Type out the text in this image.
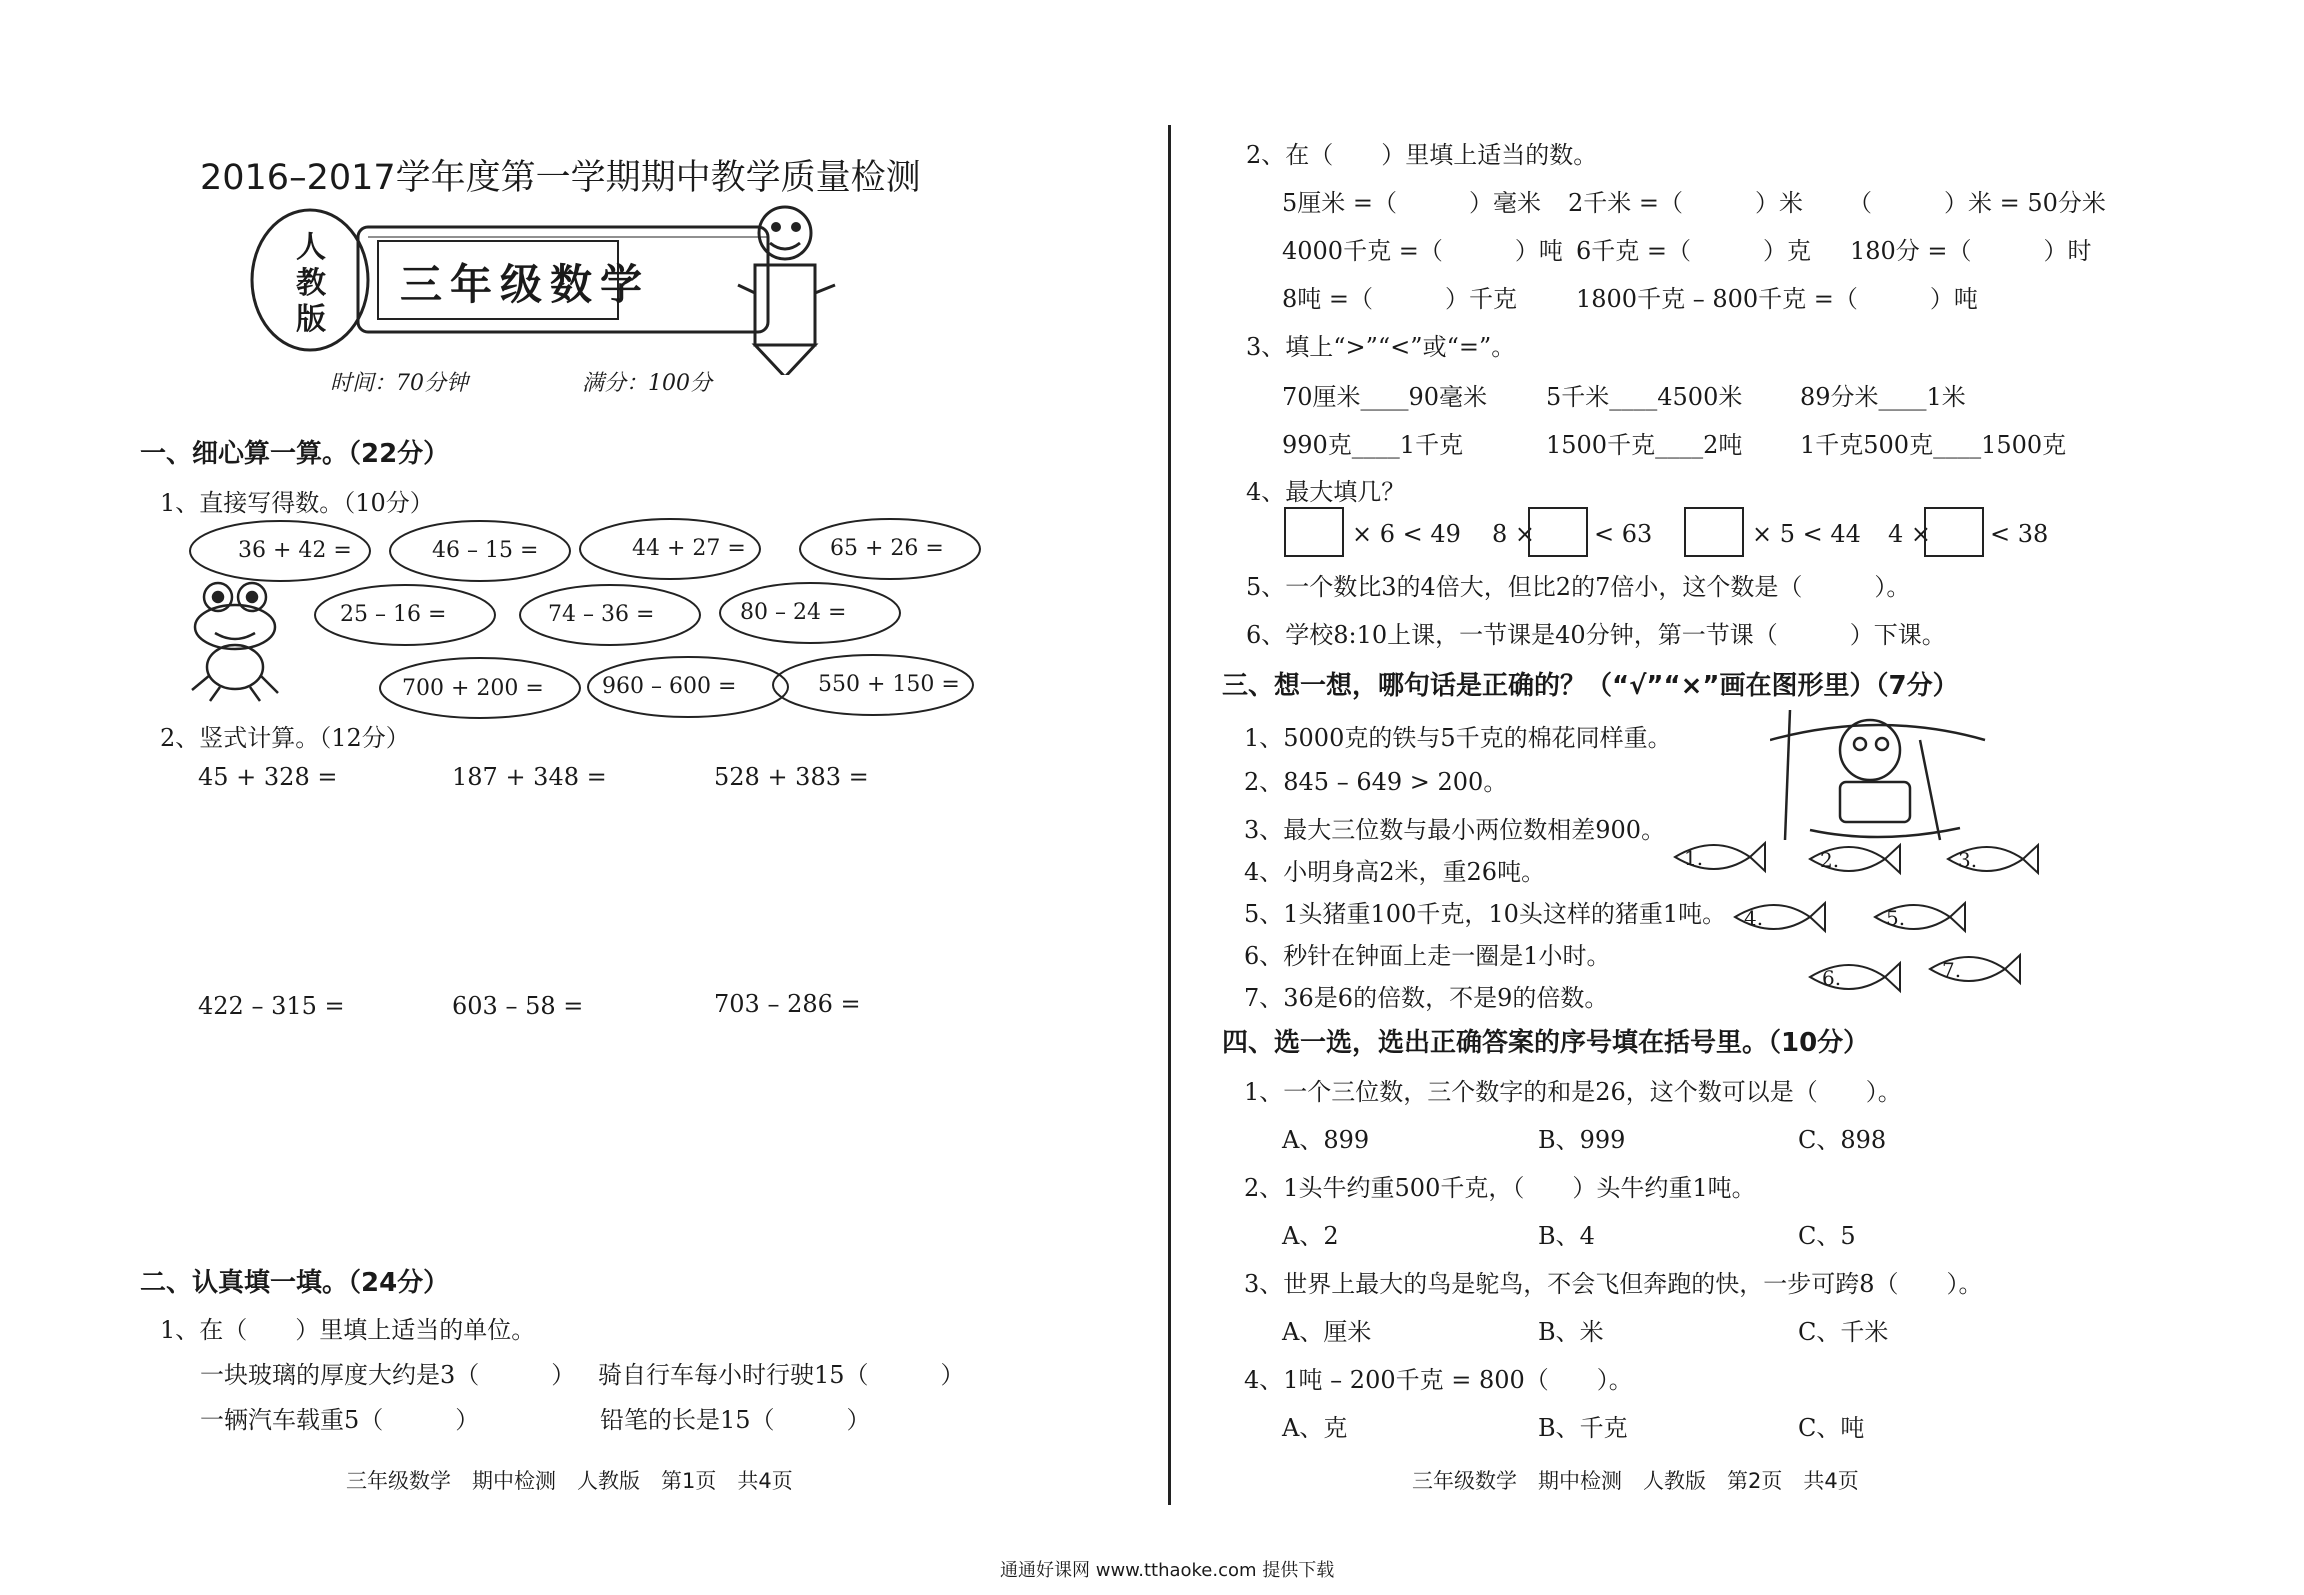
2016–2017学年度第一学期期中教学质量检测
人
教
版
三年级数学
时间：70分钟	满分：100分
一、细心算一算。（22分）
1、直接写得数。（10分）
36 + 42 =	46 – 15 =	44 + 27 =	65 + 26 =
25 – 16 =	74 – 36 =	80 – 24 =
700 + 200 =	960 – 600 =	550 + 150 =
2、竖式计算。（12分）
45 + 328 =	187 + 348 =	528 + 383 =
422 – 315 =	603 – 58 =	703 – 286 =
二、认真填一填。（24分）
1、在（　　）里填上适当的单位。
一块玻璃的厚度大约是3（　　　） 骑自行车每小时行驶15（　　　）
一辆汽车载重5（　　　）	铅笔的长是15（　　　）
三年级数学　期中检测　人教版　第1页　共4页
2、在（　　）里填上适当的数。
5厘米 =（　　　）毫米 2千米 =（　　　）米 （　　　）米 = 50分米
4000千克 =（　　　）吨 6千克 =（　　　）克 180分 =（　　　）时
8吨 =（　　　）千克 1800千克 – 800千克 =（　　　）吨
3、填上“>”“<”或“=”。
70厘米____90毫米 5千米____4500米 89分米____1米
990克____1千克	1500千克____2吨 1千克500克____1500克
4、最大填几？
× 6 < 49 8 × < 63	× 5 < 44 4 × < 38
5、一个数比3的4倍大，但比2的7倍小，这个数是（　　　）。
6、学校8:10上课，一节课是40分钟，第一节课（　　　）下课。
三、想一想，哪句话是正确的？（“√”“×”画在图形里）（7分）
1、5000克的铁与5千克的棉花同样重。
2、845 – 649 > 200。
3、最大三位数与最小两位数相差900。
4、小明身高2米，重26吨。
5、1头猪重100千克，10头这样的猪重1吨。
6、秒针在钟面上走一圈是1小时。
7、36是6的倍数，不是9的倍数。
1.	2.	3.
4.	5.
6.	7.
四、选一选，选出正确答案的序号填在括号里。（10分）
1、一个三位数，三个数字的和是26，这个数可以是（　　）。
A、899	B、999	C、898
2、1头牛约重500千克，（　　）头牛约重1吨。
A、2	B、4	C、5
3、世界上最大的鸟是鸵鸟，不会飞但奔跑的快，一步可跨8（　　）。
A、厘米	B、米	C、千米
4、1吨 – 200千克 = 800（　　）。
A、克	B、千克	C、吨
三年级数学　期中检测　人教版　第2页　共4页
通通好课网 www.tthaoke.com 提供下载
